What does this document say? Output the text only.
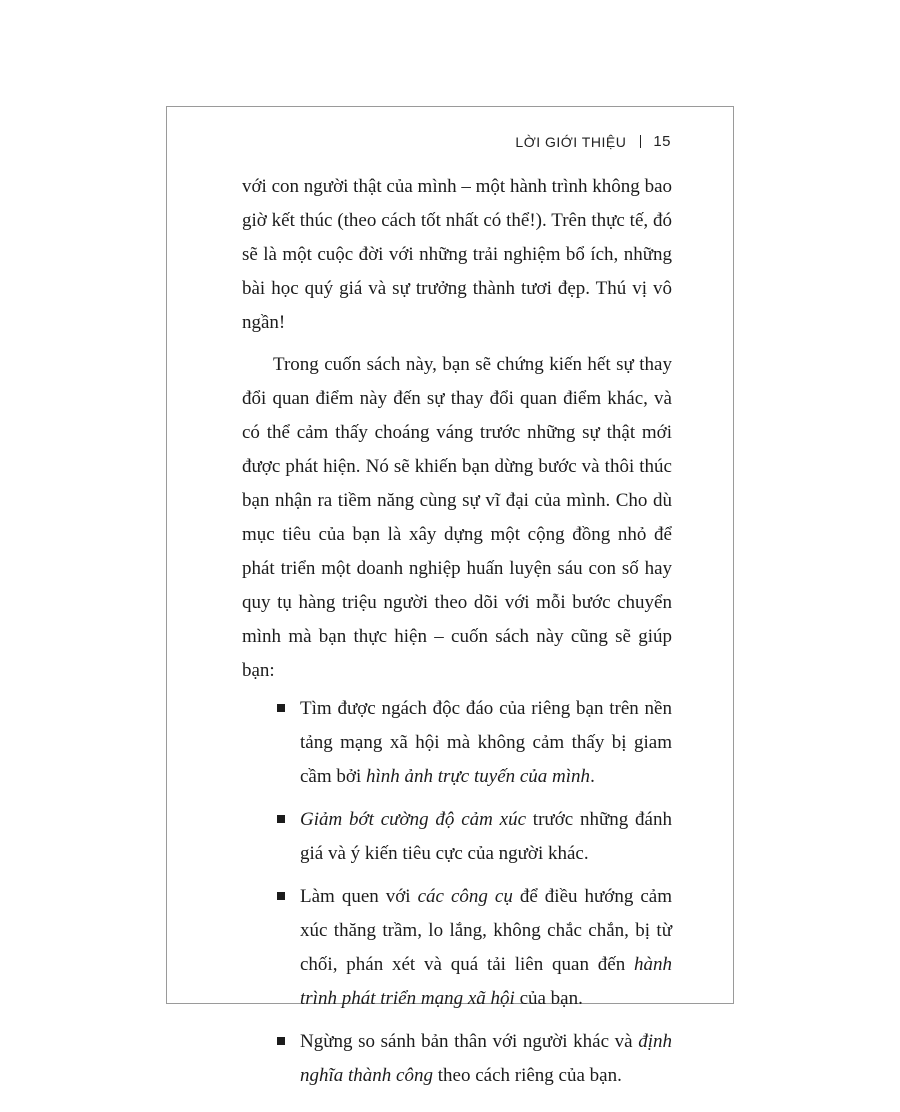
LỜI GIỚI THIỆU 15

với con người thật của mình – một hành trình không bao giờ kết thúc (theo cách tốt nhất có thể!). Trên thực tế, đó sẽ là một cuộc đời với những trải nghiệm bổ ích, những bài học quý giá và sự trưởng thành tươi đẹp. Thú vị vô ngần!

Trong cuốn sách này, bạn sẽ chứng kiến hết sự thay đổi quan điểm này đến sự thay đổi quan điểm khác, và có thể cảm thấy choáng váng trước những sự thật mới được phát hiện. Nó sẽ khiến bạn dừng bước và thôi thúc bạn nhận ra tiềm năng cùng sự vĩ đại của mình. Cho dù mục tiêu của bạn là xây dựng một cộng đồng nhỏ để phát triển một doanh nghiệp huấn luyện sáu con số hay quy tụ hàng triệu người theo dõi với mỗi bước chuyển mình mà bạn thực hiện – cuốn sách này cũng sẽ giúp bạn:

Tìm được ngách độc đáo của riêng bạn trên nền tảng mạng xã hội mà không cảm thấy bị giam cầm bởi hình ảnh trực tuyến của mình.
Giảm bớt cường độ cảm xúc trước những đánh giá và ý kiến tiêu cực của người khác.
Làm quen với các công cụ để điều hướng cảm xúc thăng trầm, lo lắng, không chắc chắn, bị từ chối, phán xét và quá tải liên quan đến hành trình phát triển mạng xã hội của bạn.
Ngừng so sánh bản thân với người khác và định nghĩa thành công theo cách riêng của bạn.
